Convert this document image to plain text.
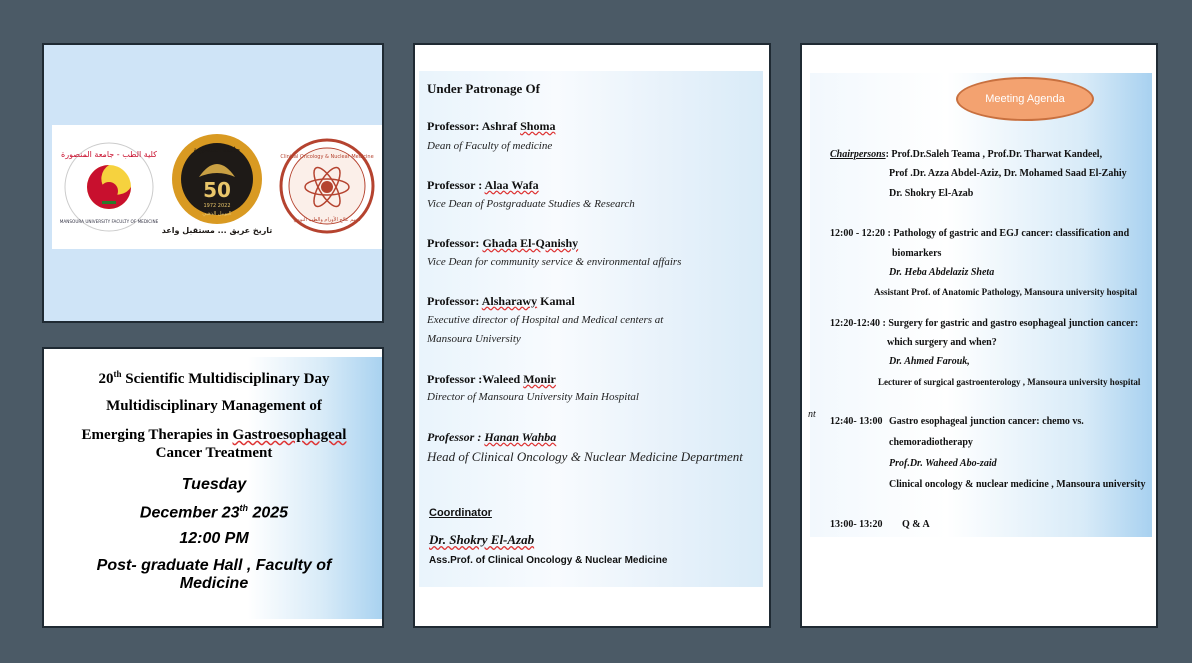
كلية الطب - جامعة المنصورة
MANSOURA UNIVERSITY FACULTY OF MEDICINE
جامعة المنصورة
50
1972 2022
اليوبيل الذهبي
تاريخ عريق ... مستقبل واعد
Clinical Oncology & Nuclear Medicine
قسم علاج الأورام والطب النووي
20th Scientific Multidisciplinary Day
Multidisciplinary Management of
Emerging Therapies in Gastroesophageal
Cancer Treatment
Tuesday
December 23th 2025
12:00 PM
Post- graduate Hall , Faculty of
Medicine
Under Patronage Of
Professor: Ashraf Shoma
Dean of Faculty of medicine
Professor : Alaa Wafa
Vice Dean of Postgraduate Studies & Research
Professor: Ghada El-Qanishy
Vice Dean for community service & environmental affairs
Professor: Alsharawy Kamal
Executive director of Hospital and Medical centers at
Mansoura University
Professor :Waleed Monir
Director of Mansoura University Main Hospital
Professor : Hanan Wahba
Head of Clinical Oncology & Nuclear Medicine Department
Coordinator
Dr. Shokry El-Azab
Ass.Prof. of Clinical Oncology & Nuclear Medicine
Meeting Agenda
Chairpersons: Prof.Dr.Saleh Teama , Prof.Dr. Tharwat Kandeel,
Prof .Dr. Azza Abdel-Aziz, Dr. Mohamed Saad El-Zahiy
Dr. Shokry El-Azab
12:00 - 12:20 : Pathology of gastric and EGJ cancer: classification and
biomarkers
Dr. Heba Abdelaziz Sheta
Assistant Prof. of Anatomic Pathology, Mansoura university hospital
12:20-12:40 : Surgery for gastric and gastro esophageal junction cancer:
which surgery and when?
Dr. Ahmed Farouk,
Lecturer of surgical gastroenterology , Mansoura university hospital
nt
12:40- 13:00 Gastro esophageal junction cancer: chemo vs.
chemoradiotherapy
Prof.Dr. Waheed Abo-zaid
Clinical oncology & nuclear medicine , Mansoura university
13:00- 13:20 Q & A
